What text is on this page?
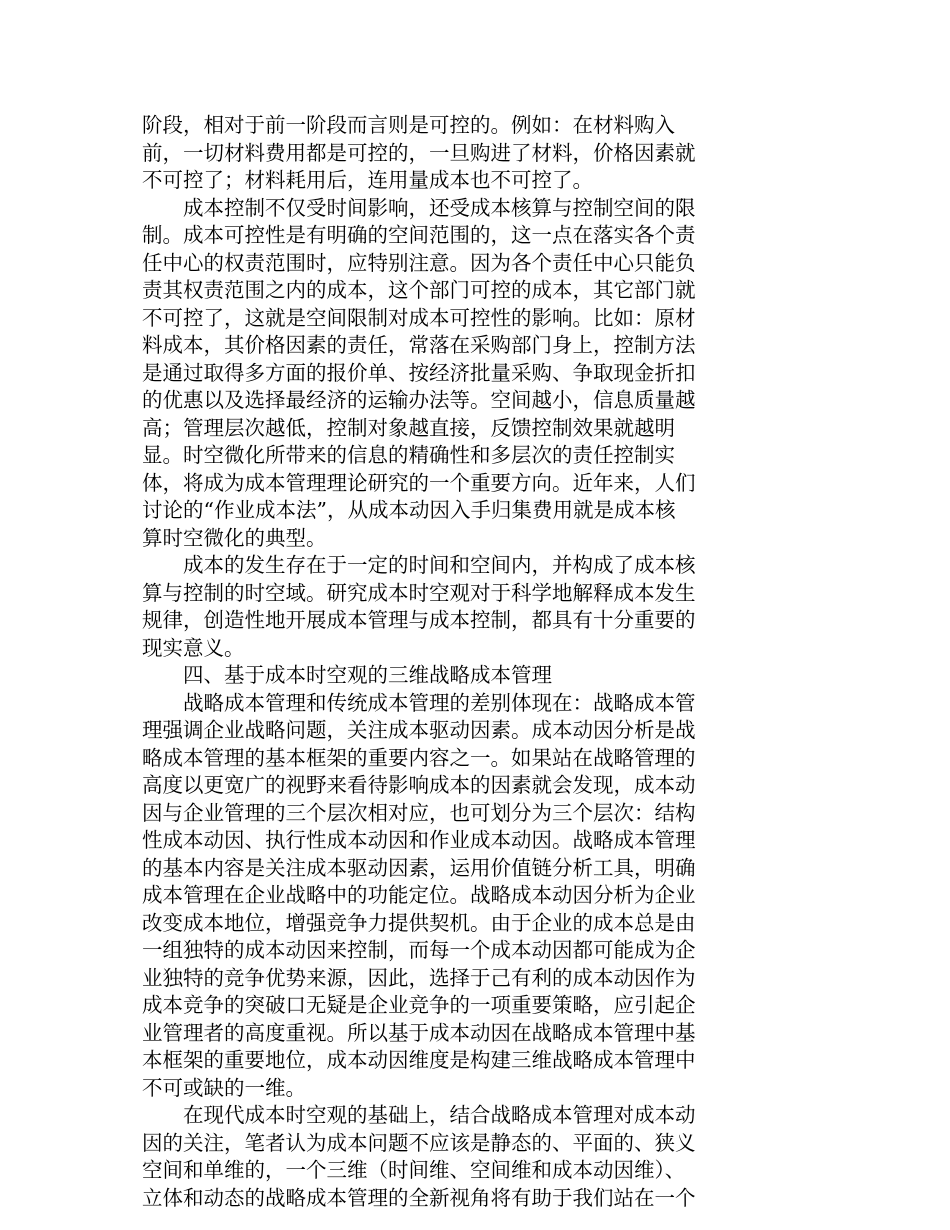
阶段，相对于前一阶段而言则是可控的。例如：在材料购入
前，一切材料费用都是可控的，一旦购进了材料，价格因素就
不可控了；材料耗用后，连用量成本也不可控了。
　　成本控制不仅受时间影响，还受成本核算与控制空间的限
制。成本可控性是有明确的空间范围的，这一点在落实各个责
任中心的权责范围时，应特别注意。因为各个责任中心只能负
责其权责范围之内的成本，这个部门可控的成本，其它部门就
不可控了，这就是空间限制对成本可控性的影响。比如：原材
料成本，其价格因素的责任，常落在采购部门身上，控制方法
是通过取得多方面的报价单、按经济批量采购、争取现金折扣
的优惠以及选择最经济的运输办法等。空间越小，信息质量越
高；管理层次越低，控制对象越直接，反馈控制效果就越明
显。时空微化所带来的信息的精确性和多层次的责任控制实
体，将成为成本管理理论研究的一个重要方向。近年来，人们
讨论的“作业成本法”，从成本动因入手归集费用就是成本核
算时空微化的典型。
　　成本的发生存在于一定的时间和空间内，并构成了成本核
算与控制的时空域。研究成本时空观对于科学地解释成本发生
规律，创造性地开展成本管理与成本控制，都具有十分重要的
现实意义。
　　四、基于成本时空观的三维战略成本管理
　　战略成本管理和传统成本管理的差别体现在：战略成本管
理强调企业战略问题，关注成本驱动因素。成本动因分析是战
略成本管理的基本框架的重要内容之一。如果站在战略管理的
高度以更宽广的视野来看待影响成本的因素就会发现，成本动
因与企业管理的三个层次相对应，也可划分为三个层次：结构
性成本动因、执行性成本动因和作业成本动因。战略成本管理
的基本内容是关注成本驱动因素，运用价值链分析工具，明确
成本管理在企业战略中的功能定位。战略成本动因分析为企业
改变成本地位，增强竞争力提供契机。由于企业的成本总是由
一组独特的成本动因来控制，而每一个成本动因都可能成为企
业独特的竞争优势来源，因此，选择于己有利的成本动因作为
成本竞争的突破口无疑是企业竞争的一项重要策略，应引起企
业管理者的高度重视。所以基于成本动因在战略成本管理中基
本框架的重要地位，成本动因维度是构建三维战略成本管理中
不可或缺的一维。
　　在现代成本时空观的基础上，结合战略成本管理对成本动
因的关注，笔者认为成本问题不应该是静态的、平面的、狭义
空间和单维的，一个三维（时间维、空间维和成本动因维）、
立体和动态的战略成本管理的全新视角将有助于我们站在一个
